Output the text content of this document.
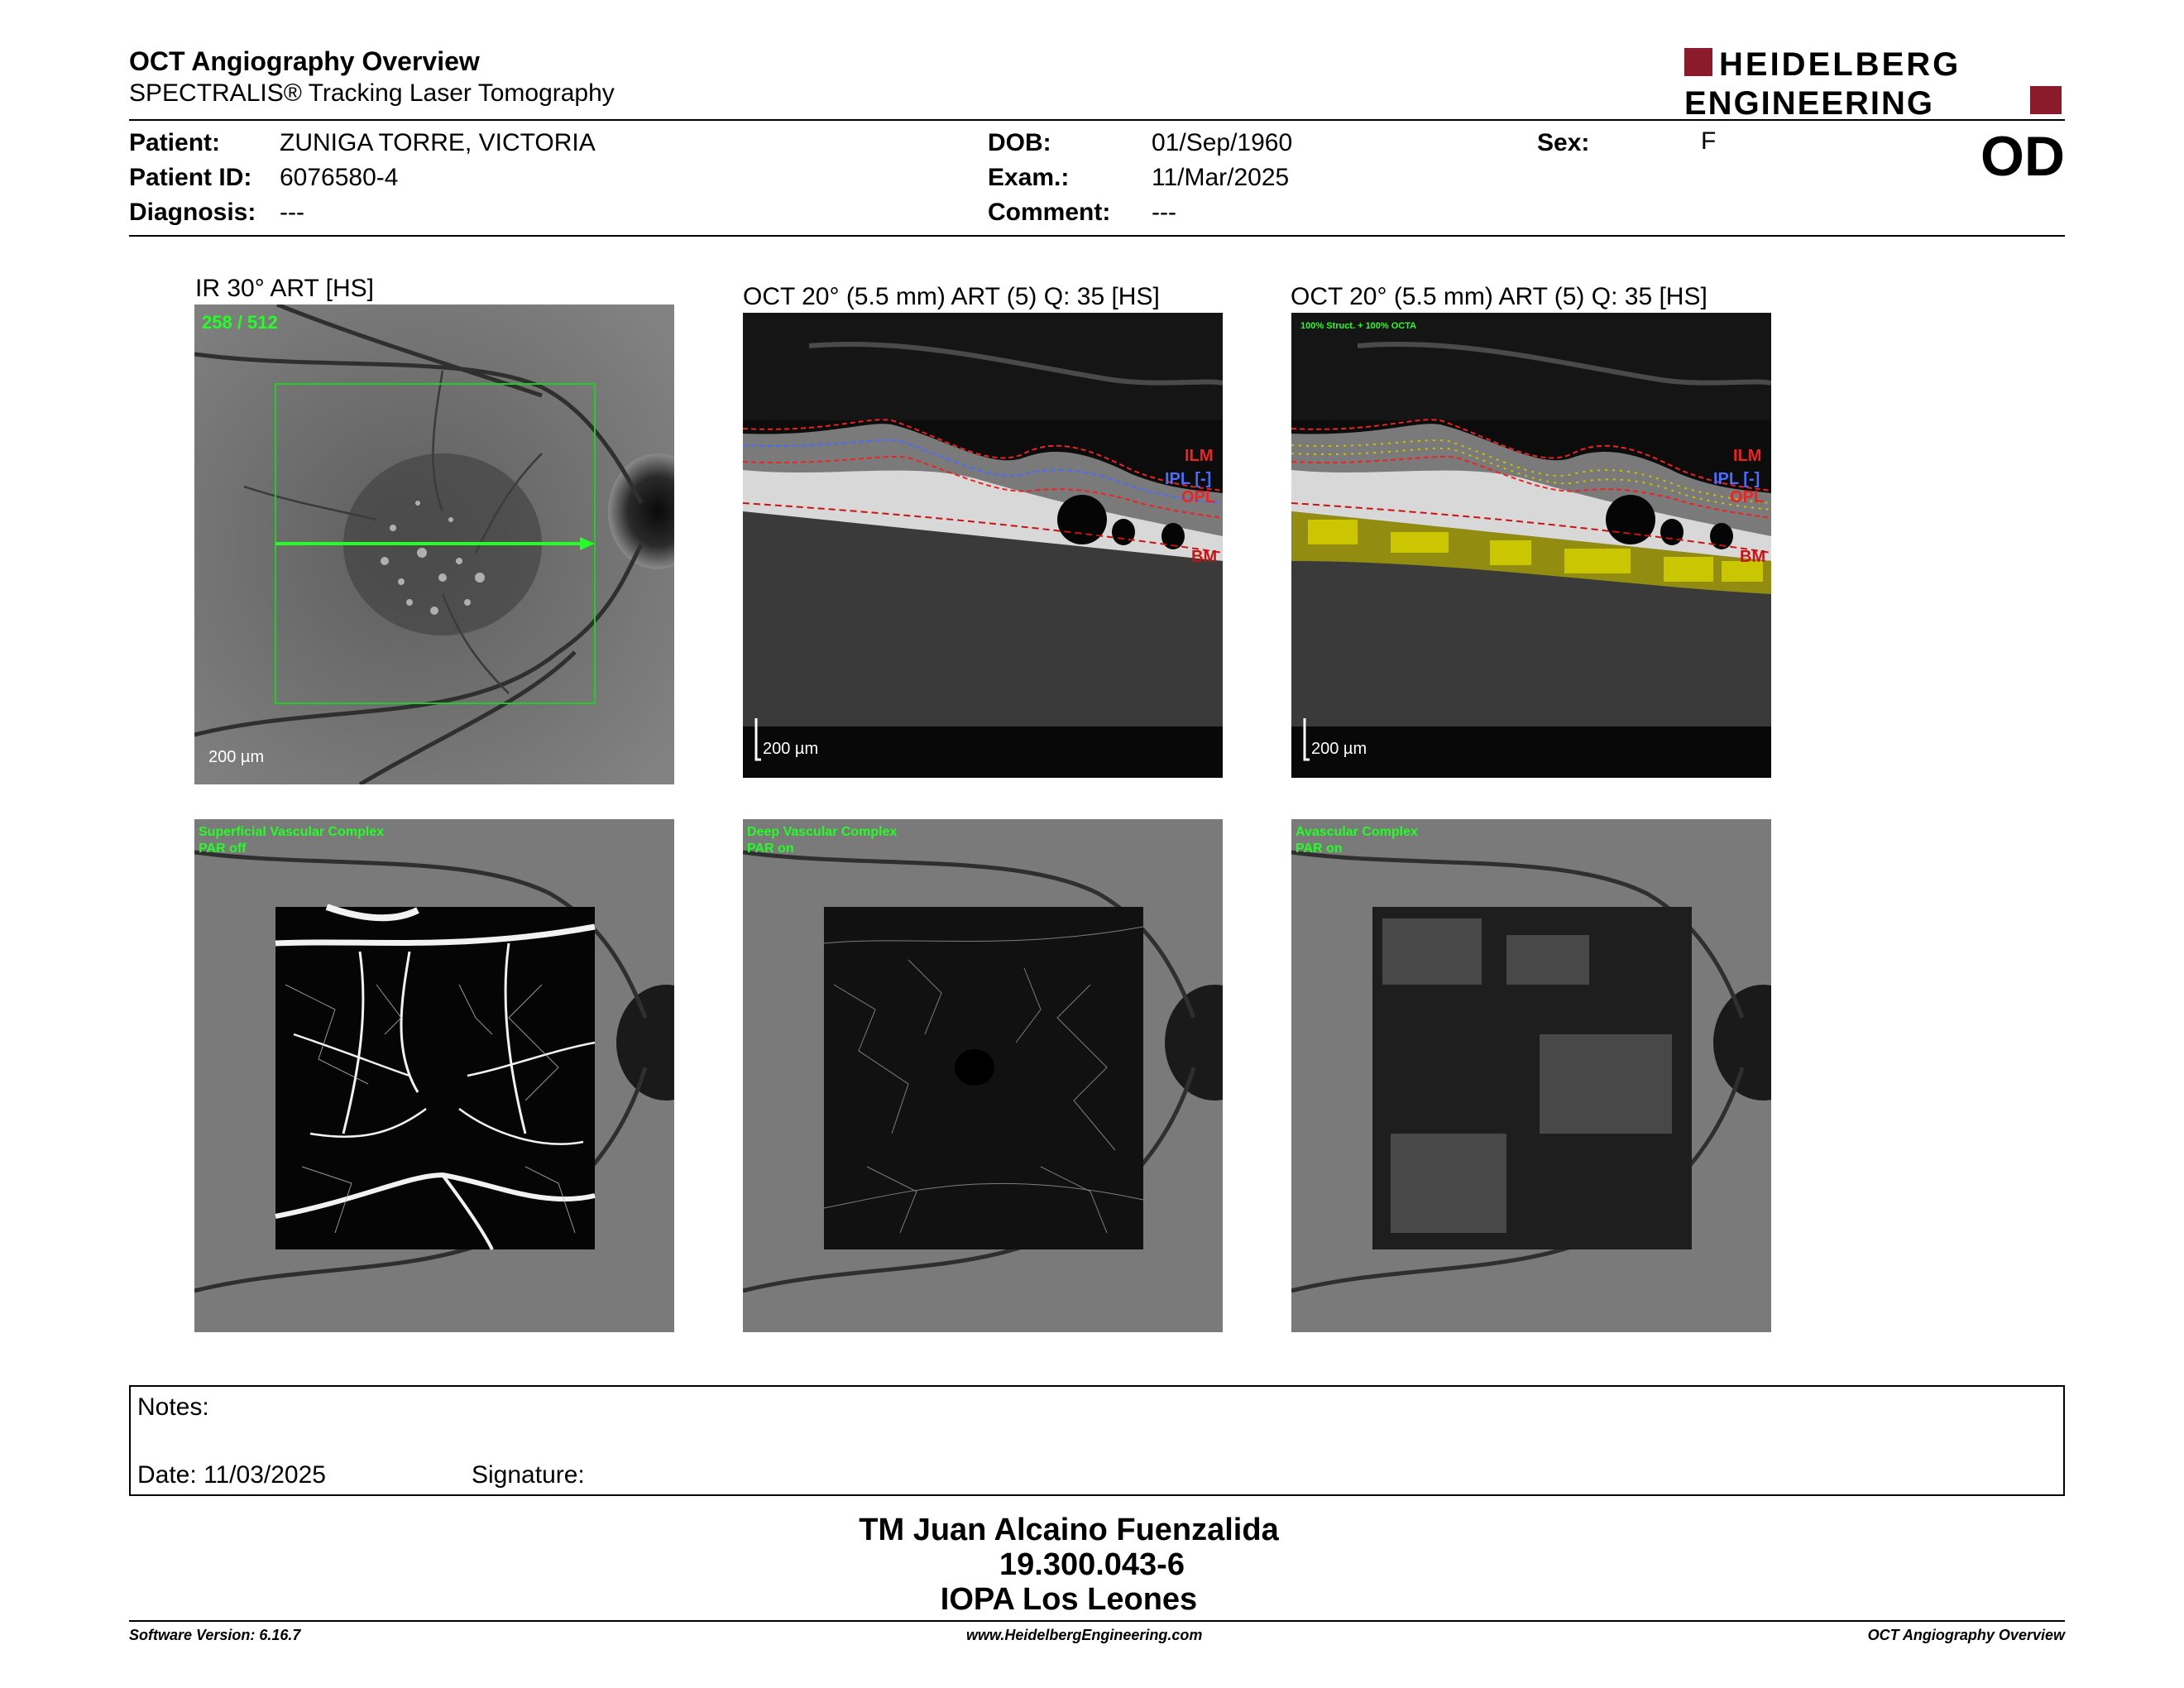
OCT Angiography Overview
SPECTRALIS® Tracking Laser Tomography
HEIDELBERG
ENGINEERING
Patient: ZUNIGA TORRE, VICTORIA
Patient ID: 6076580-4
Diagnosis: ---
DOB:	01/Sep/1960
Exam.:	11/Mar/2025
Comment: ---
Sex:	F	OD
IR 30° ART [HS]	OCT 20° (5.5 mm) ART (5) Q: 35 [HS]	OCT 20° (5.5 mm) ART (5) Q: 35 [HS]
258 / 512
200 µm
ILM
IPL [-]
OPL
BM
200 µm
100% Struct. + 100% OCTA
ILM
IPL [-]
OPL
BM
200 µm
Superficial Vascular Complex
PAR off
Deep Vascular Complex
PAR on
Avascular Complex
PAR on
Notes:
Date: 11/03/2025	Signature:
TM Juan Alcaino Fuenzalida
19.300.043-6
IOPA Los Leones
Software Version: 6.16.7	www.HeidelbergEngineering.com	OCT Angiography Overview
